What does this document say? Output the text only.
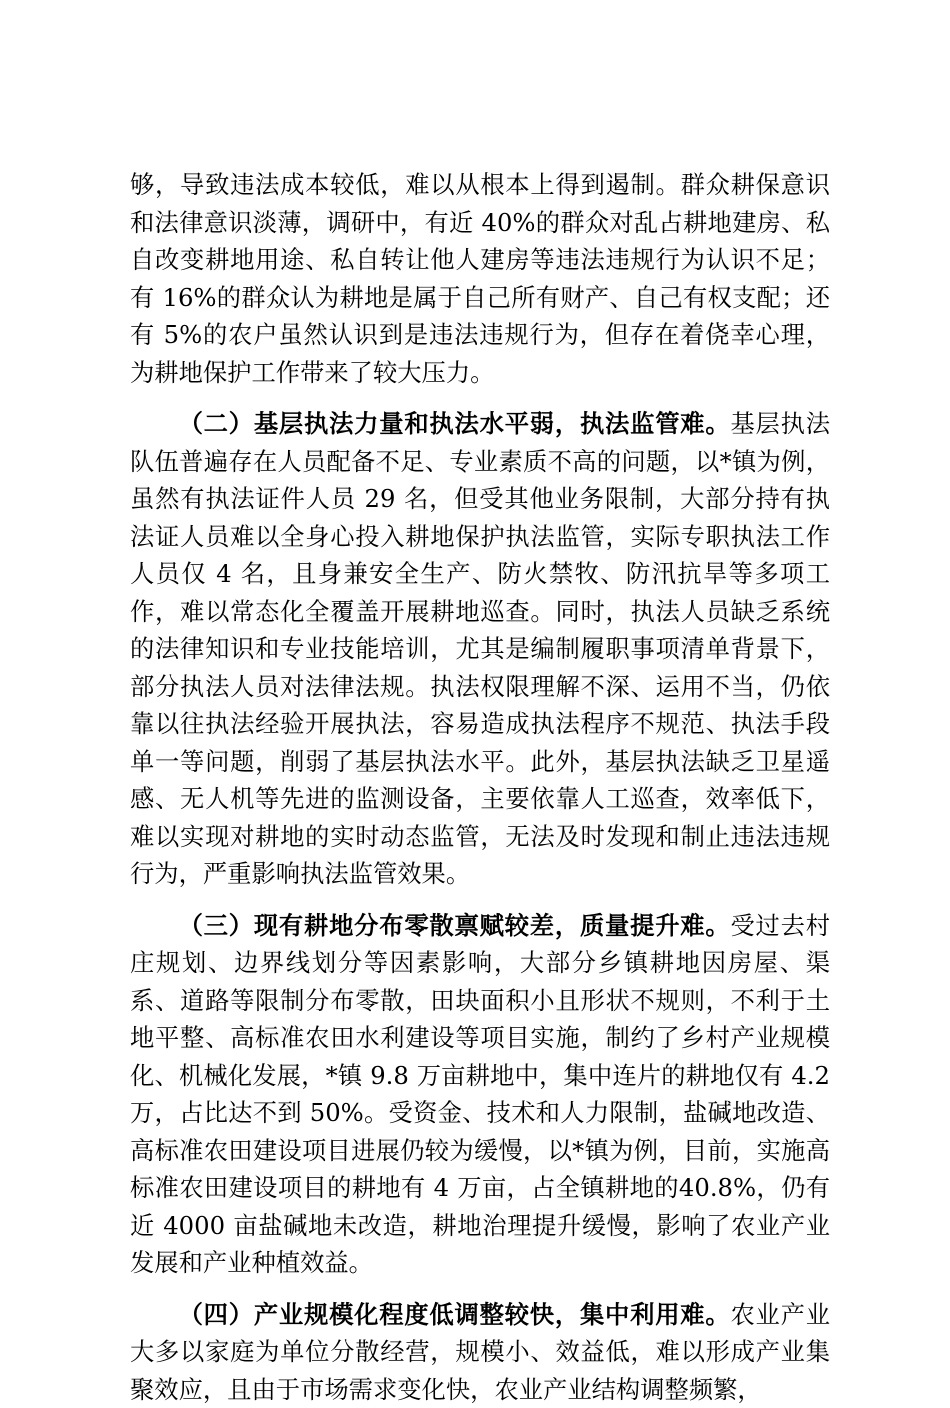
够，导致违法成本较低，难以从根本上得到遏制。群众耕保意识和法律意识淡薄，调研中，有近 40%的群众对乱占耕地建房、私自改变耕地用途、私自转让他人建房等违法违规行为认识不足；有 16%的群众认为耕地是属于自己所有财产、自己有权支配；还有 5%的农户虽然认识到是违法违规行为，但存在着侥幸心理，为耕地保护工作带来了较大压力。

（二）基层执法力量和执法水平弱，执法监管难。基层执法队伍普遍存在人员配备不足、专业素质不高的问题，以*镇为例，虽然有执法证件人员 29 名，但受其他业务限制，大部分持有执法证人员难以全身心投入耕地保护执法监管，实际专职执法工作人员仅 4 名，且身兼安全生产、防火禁牧、防汛抗旱等多项工作，难以常态化全覆盖开展耕地巡查。同时，执法人员缺乏系统的法律知识和专业技能培训，尤其是编制履职事项清单背景下，部分执法人员对法律法规。执法权限理解不深、运用不当，仍依靠以往执法经验开展执法，容易造成执法程序不规范、执法手段单一等问题，削弱了基层执法水平。此外，基层执法缺乏卫星遥感、无人机等先进的监测设备，主要依靠人工巡查，效率低下，难以实现对耕地的实时动态监管，无法及时发现和制止违法违规行为，严重影响执法监管效果。

（三）现有耕地分布零散禀赋较差，质量提升难。受过去村庄规划、边界线划分等因素影响，大部分乡镇耕地因房屋、渠系、道路等限制分布零散，田块面积小且形状不规则，不利于土地平整、高标准农田水利建设等项目实施，制约了乡村产业规模化、机械化发展，*镇 9.8 万亩耕地中，集中连片的耕地仅有 4.2 万，占比达不到 50%。受资金、技术和人力限制，盐碱地改造、高标准农田建设项目进展仍较为缓慢，以*镇为例，目前，实施高标准农田建设项目的耕地有 4 万亩，占全镇耕地的40.8%，仍有近 4000 亩盐碱地未改造，耕地治理提升缓慢，影响了农业产业发展和产业种植效益。

（四）产业规模化程度低调整较快，集中利用难。农业产业大多以家庭为单位分散经营，规模小、效益低，难以形成产业集聚效应，且由于市场需求变化快，农业产业结构调整频繁，
